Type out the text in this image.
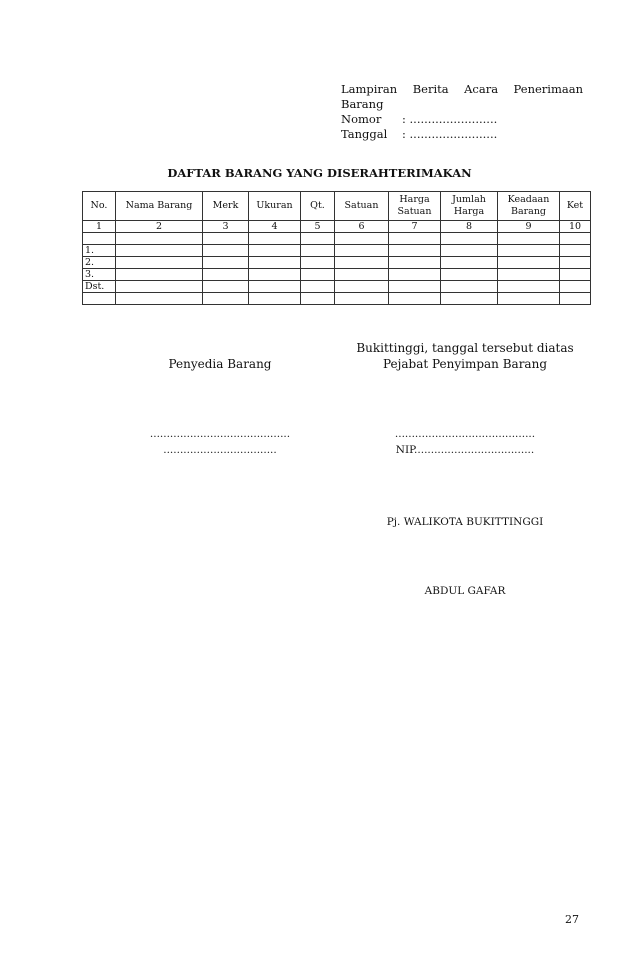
Lampiran Berita Acara Penerimaan
Barang
Nomor	: ........................
Tanggal	: ........................
DAFTAR BARANG YANG DISERAHTERIMAKAN
No.	Nama Barang	Merk	Ukuran	Qt.	Satuan	Harga Satuan	Jumlah Harga	Keadaan Barang	Ket
1	2	3	4	5	6	7	8	9	10

1.									
2.									
3.									
Dst.									

Bukittinggi, tanggal tersebut diatas
Penyedia Barang	Pejabat Penyimpan Barang
..........................................
..................................
..........................................
NIP....................................
Pj. WALIKOTA BUKITTINGGI
ABDUL GAFAR
27
